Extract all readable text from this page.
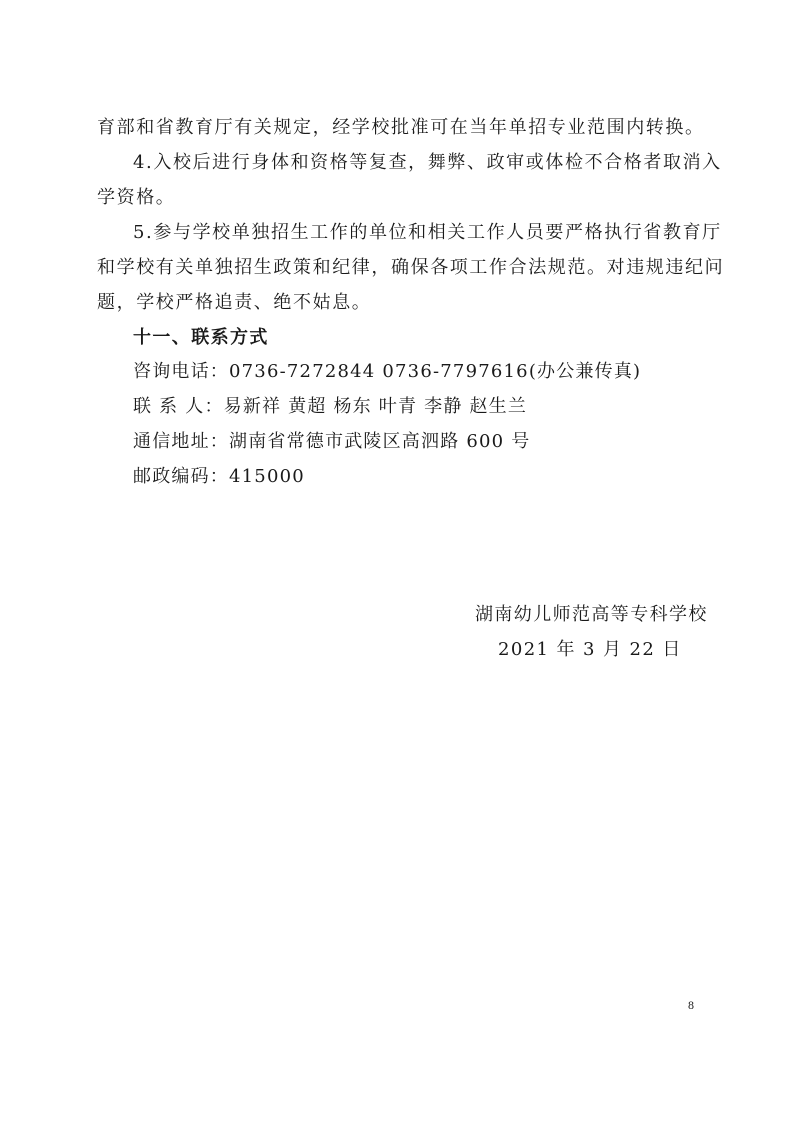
育部和省教育厅有关规定，经学校批准可在当年单招专业范围内转换。
4.入校后进行身体和资格等复查，舞弊、政审或体检不合格者取消入
学资格。
5.参与学校单独招生工作的单位和相关工作人员要严格执行省教育厅
和学校有关单独招生政策和纪律，确保各项工作合法规范。对违规违纪问
题，学校严格追责、绝不姑息。
十一、联系方式
咨询电话：0736-7272844 0736-7797616(办公兼传真)
联 系 人：易新祥 黄超 杨东 叶青 李静 赵生兰
通信地址：湖南省常德市武陵区高泗路 600 号
邮政编码：415000
湖南幼儿师范高等专科学校
2021 年 3 月 22 日
8
